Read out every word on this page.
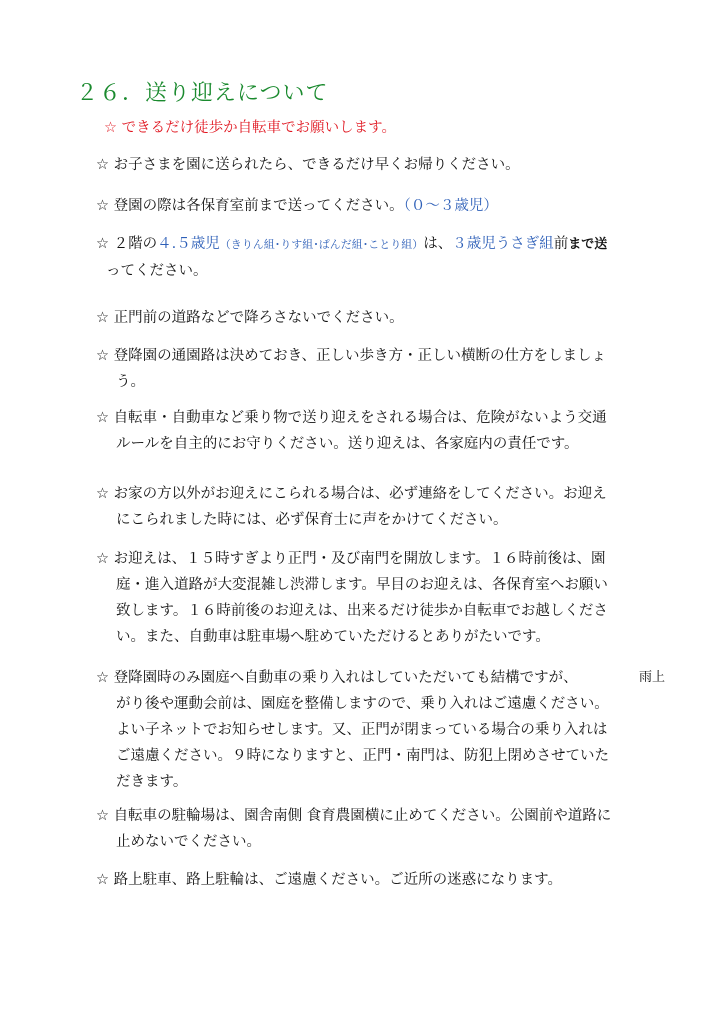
２６．送り迎えについて
☆ できるだけ徒歩か自転車でお願いします。
☆ お子さまを園に送られたら、できるだけ早くお帰りください。
☆ 登園の際は各保育室前まで送ってください。（０～３歳児）
☆ ２階の４.５歳児（きりん組･りす組･ぱんだ組･ことり組）は、３歳児うさぎ組前まで送
ってください。
☆ 正門前の道路などで降ろさないでください。
☆ 登降園の通園路は決めておき、正しい歩き方・正しい横断の仕方をしましょ
う。
☆ 自転車・自動車など乗り物で送り迎えをされる場合は、危険がないよう交通
ルールを自主的にお守りください。送り迎えは、各家庭内の責任です。
☆ お家の方以外がお迎えにこられる場合は、必ず連絡をしてください。お迎え
にこられました時には、必ず保育士に声をかけてください。
☆ お迎えは、１５時すぎより正門・及び南門を開放します。１６時前後は、園
庭・進入道路が大変混雑し渋滞します。早目のお迎えは、各保育室へお願い
致します。１６時前後のお迎えは、出来るだけ徒歩か自転車でお越しくださ
い。また、自動車は駐車場へ駐めていただけるとありがたいです。
☆ 登降園時のみ園庭へ自動車の乗り入れはしていただいても結構ですが、
がり後や運動会前は、園庭を整備しますので、乗り入れはご遠慮ください。
よい子ネットでお知らせします。又、正門が閉まっている場合の乗り入れは
ご遠慮ください。９時になりますと、正門・南門は、防犯上閉めさせていた
だきます。
雨上
☆ 自転車の駐輪場は、園舎南側 食育農園横に止めてください。公園前や道路に
止めないでください。
☆ 路上駐車、路上駐輪は、ご遠慮ください。ご近所の迷惑になります。
